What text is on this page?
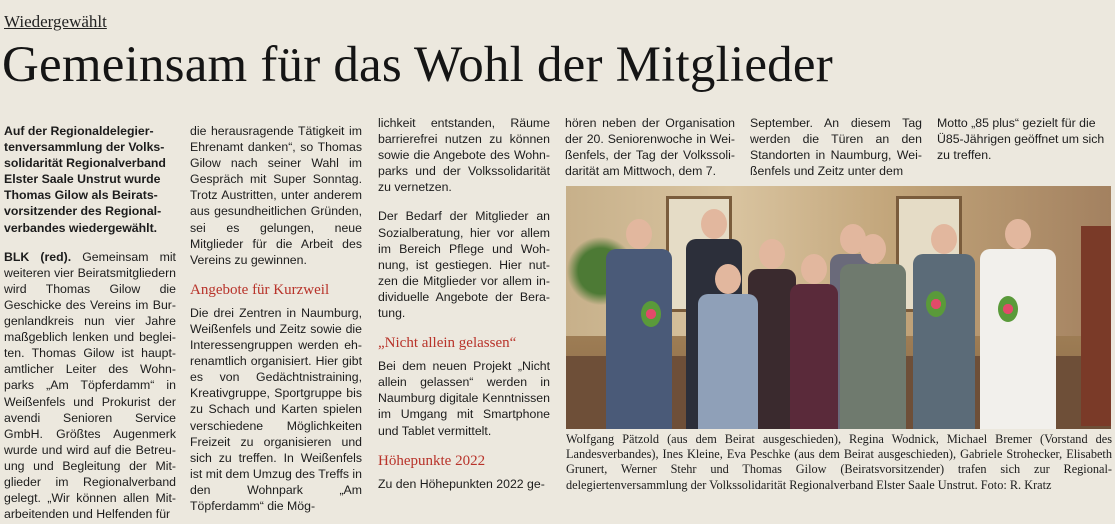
Wiedergewählt
Gemeinsam für das Wohl der Mitglieder

Auf der Regionaldelegiertenversammlung der Volkssolidarität Regionalverband Elster Saale Unstrut wurde Thomas Gilow als Beiratsvorsitzender des Regionalverbandes wiedergewählt.

BLK (red). Gemeinsam mit weiteren vier Beiratsmitgliedern wird Thomas Gilow die Geschicke des Vereins im Burgenlandkreis nun vier Jahre maßgeblich lenken und begleiten. Thomas Gilow ist hauptamtlicher Leiter des Wohnparks „Am Töpferdamm“ in Weißenfels und Prokurist der avendi Senioren Service GmbH. Größtes Augenmerk wurde und wird auf die Betreuung und Begleitung der Mitglieder im Regionalverband gelegt. „Wir können allen Mitarbeitenden und Helfenden für

die herausragende Tätigkeit im Ehrenamt danken“, so Thomas Gilow nach seiner Wahl im Gespräch mit Super Sonntag. Trotz Austritten, unter anderem aus gesundheitlichen Gründen, sei es gelungen, neue Mitglieder für die Arbeit des Vereins zu gewinnen.

Angebote für Kurzweil

Die drei Zentren in Naumburg, Weißenfels und Zeitz sowie die Interessengruppen werden ehrenamtlich organisiert. Hier gibt es von Gedächtnistraining, Kreativgruppe, Sportgruppe bis zu Schach und Karten spielen verschiedene Möglichkeiten Freizeit zu organisieren und sich zu treffen. In Weißenfels ist mit dem Umzug des Treffs in den Wohnpark „Am Töpferdamm“ die Mög-

lichkeit entstanden, Räume barrierefrei nutzen zu können sowie die Angebote des Wohnparks und der Volkssolidarität zu vernetzen.

Der Bedarf der Mitglieder an Sozialberatung, hier vor allem im Bereich Pflege und Wohnung, ist gestiegen. Hier nutzen die Mitglieder vor allem individuelle Angebote der Beratung.

„Nicht allein gelassen“

Bei dem neuen Projekt „Nicht allein gelassen“ werden in Naumburg digitale Kenntnissen im Umgang mit Smartphone und Tablet vermittelt.

Höhepunkte 2022

Zu den Höhepunkten 2022 ge-

hören neben der Organisation der 20. Seniorenwoche in Weißenfels, der Tag der Volkssolidarität am Mittwoch, dem 7.

September. An diesem Tag werden die Türen an den Standorten in Naumburg, Weißenfels und Zeitz unter dem

Motto „85 plus“ gezielt für die Ü85-Jährigen geöffnet um sich zu treffen.

Wolfgang Pätzold (aus dem Beirat ausgeschieden), Regina Wodnick, Michael Bremer (Vorstand des Landesverbandes), Ines Kleine, Eva Peschke (aus dem Beirat ausgeschieden), Gabriele Strohecker, Elisabeth Grunert, Werner Stehr und Thomas Gilow (Beiratsvorsitzender) trafen sich zur Regionaldelegiertenversammlung der Volkssolidarität Regionalverband Elster Saale Unstrut. Foto: R. Kratz
